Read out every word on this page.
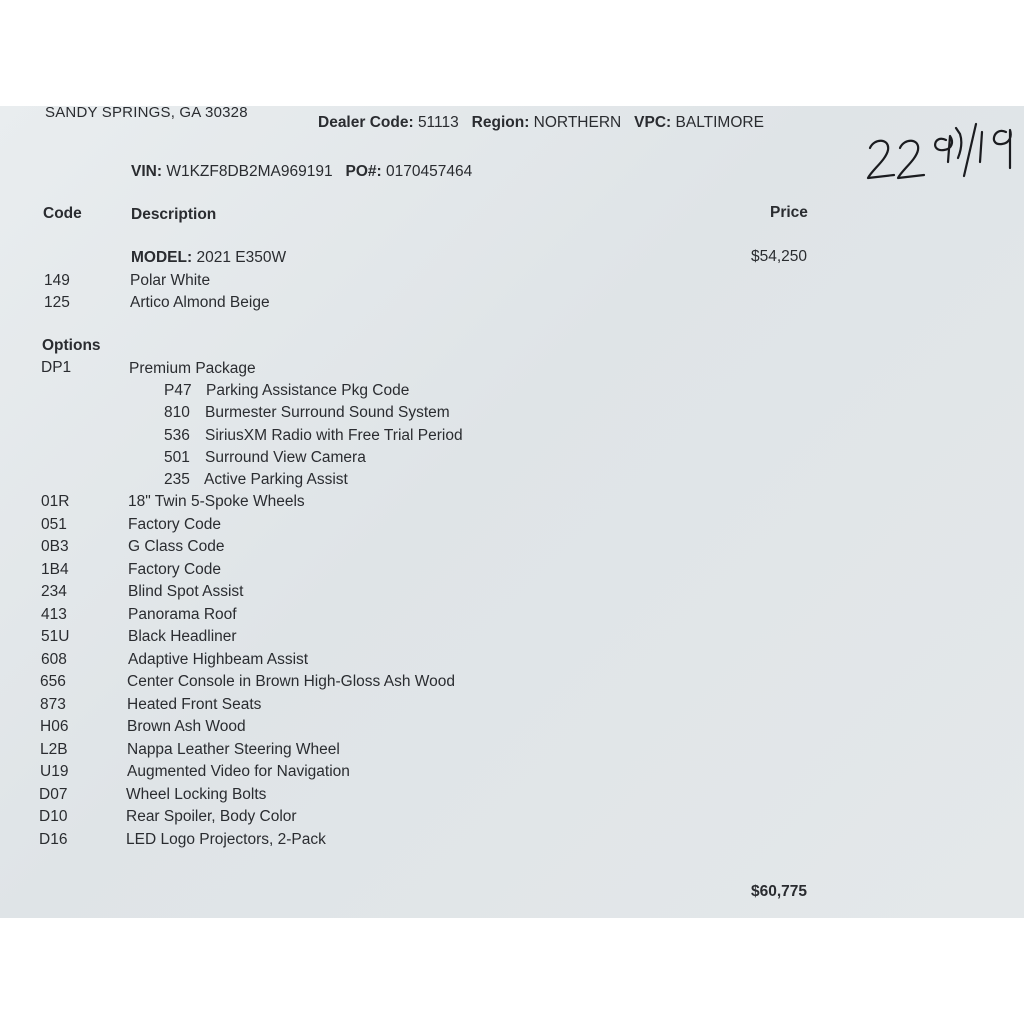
SANDY SPRINGS, GA 30328
Dealer Code: 51113 Region: NORTHERN VPC: BALTIMORE
VIN: W1KZF8DB2MA969191 PO#: 0170457464
Code	Description	Price
MODEL: 2021 E350W	$54,250
149	Polar White
125	Artico Almond Beige
Options
DP1	Premium Package
P47 Parking Assistance Pkg Code
810 Burmester Surround Sound System
536 SiriusXM Radio with Free Trial Period
501 Surround View Camera
235 Active Parking Assist
01R	18" Twin 5-Spoke Wheels
051	Factory Code
0B3	G Class Code
1B4	Factory Code
234	Blind Spot Assist
413	Panorama Roof
51U	Black Headliner
608	Adaptive Highbeam Assist
656	Center Console in Brown High-Gloss Ash Wood
873	Heated Front Seats
H06	Brown Ash Wood
L2B	Nappa Leather Steering Wheel
U19	Augmented Video for Navigation
D07	Wheel Locking Bolts
D10	Rear Spoiler, Body Color
D16	LED Logo Projectors, 2-Pack
$60,775
